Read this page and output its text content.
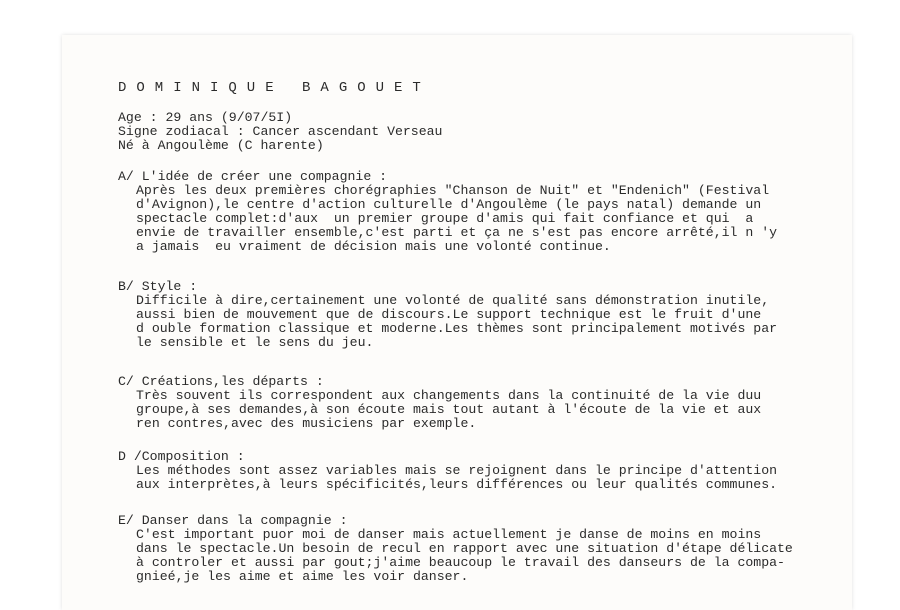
DOMINIQUE BAGOUET
Age : 29 ans (9/07/5I)
Signe zodiacal : Cancer ascendant Verseau
Né à Angoulème (C harente)
A/ L'idée de créer une compagnie :
Après les deux premières chorégraphies "Chanson de Nuit" et "Endenich" (Festival
d'Avignon),le centre d'action culturelle d'Angoulème (le pays natal) demande un
spectacle complet:d'aux  un premier groupe d'amis qui fait confiance et qui  a
envie de travailler ensemble,c'est parti et ça ne s'est pas encore arrêté,il n 'y
a jamais  eu vraiment de décision mais une volonté continue.
B/ Style :
Difficile à dire,certainement une volonté de qualité sans démonstration inutile,
aussi bien de mouvement que de discours.Le support technique est le fruit d'une
d ouble formation classique et moderne.Les thèmes sont principalement motivés par
le sensible et le sens du jeu.
C/ Créations,les départs :
Très souvent ils correspondent aux changements dans la continuité de la vie duu
groupe,à ses demandes,à son écoute mais tout autant à l'écoute de la vie et aux
ren contres,avec des musiciens par exemple.
D /Composition :
Les méthodes sont assez variables mais se rejoignent dans le principe d'attention
aux interprètes,à leurs spécificités,leurs différences ou leur qualités communes.
E/ Danser dans la compagnie :
C'est important puor moi de danser mais actuellement je danse de moins en moins
dans le spectacle.Un besoin de recul en rapport avec une situation d'étape délicate
à controler et aussi par gout;j'aime beaucoup le travail des danseurs de la compa-
gnieé,je les aime et aime les voir danser.
